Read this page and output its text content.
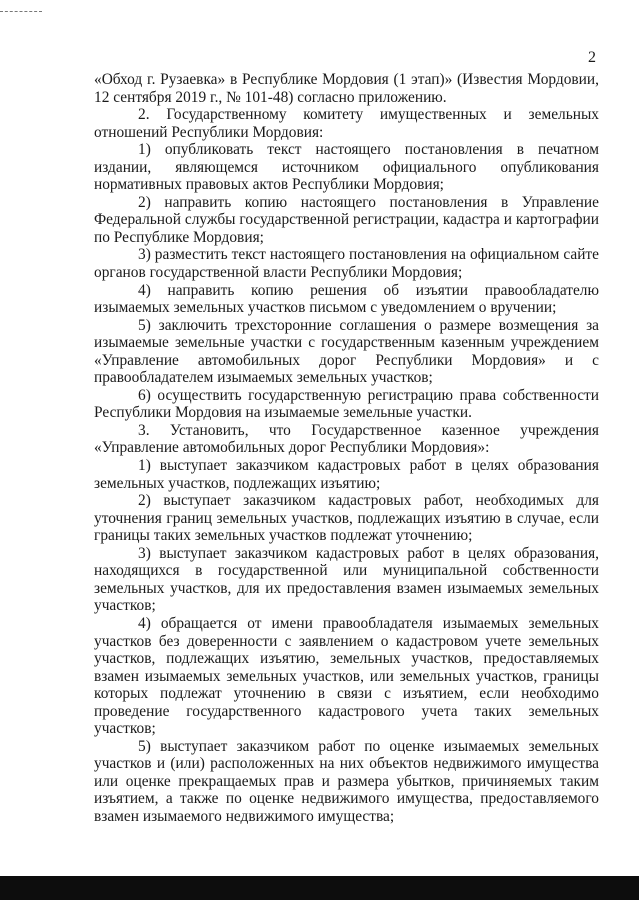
2

«Обход г. Рузаевка» в Республике Мордовия (1 этап)» (Известия Мордовии, 12 сентября 2019 г., № 101-48) согласно приложению.

2. Государственному комитету имущественных и земельных отношений Республики Мордовия:

1) опубликовать текст настоящего постановления в печатном издании, являющемся источником официального опубликования нормативных правовых актов Республики Мордовия;

2) направить копию настоящего постановления в Управление Федеральной службы государственной регистрации, кадастра и картографии по Республике Мордовия;

3) разместить текст настоящего постановления на официальном сайте органов государственной власти Республики Мордовия;

4) направить копию решения об изъятии правообладателю изымаемых земельных участков письмом с уведомлением о вручении;

5) заключить трехсторонние соглашения о размере возмещения за изымаемые земельные участки с государственным казенным учреждением «Управление автомобильных дорог Республики Мордовия» и с правообладателем изымаемых земельных участков;

6) осуществить государственную регистрацию права собственности Республики Мордовия на изымаемые земельные участки.

3. Установить, что Государственное казенное учреждения «Управление автомобильных дорог Республики Мордовия»:

1) выступает заказчиком кадастровых работ в целях образования земельных участков, подлежащих изъятию;

2) выступает заказчиком кадастровых работ, необходимых для уточнения границ земельных участков, подлежащих изъятию в случае, если границы таких земельных участков подлежат уточнению;

3) выступает заказчиком кадастровых работ в целях образования, находящихся в государственной или муниципальной собственности земельных участков, для их предоставления взамен изымаемых земельных участков;

4) обращается от имени правообладателя изымаемых земельных участков без доверенности с заявлением о кадастровом учете земельных участков, подлежащих изъятию, земельных участков, предоставляемых взамен изымаемых земельных участков, или земельных участков, границы которых подлежат уточнению в связи с изъятием, если необходимо проведение государственного кадастрового учета таких земельных участков;

5) выступает заказчиком работ по оценке изымаемых земельных участков и (или) расположенных на них объектов недвижимого имущества или оценке прекращаемых прав и размера убытков, причиняемых таким изъятием, а также по оценке недвижимого имущества, предоставляемого взамен изымаемого недвижимого имущества;
